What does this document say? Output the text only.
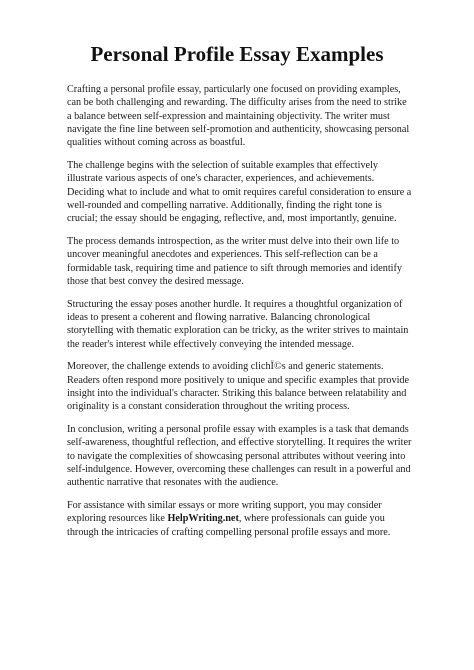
Personal Profile Essay Examples

Crafting a personal profile essay, particularly one focused on providing examples, can be both challenging and rewarding. The difficulty arises from the need to strike a balance between self-expression and maintaining objectivity. The writer must navigate the fine line between self-promotion and authenticity, showcasing personal qualities without coming across as boastful.

The challenge begins with the selection of suitable examples that effectively illustrate various aspects of one's character, experiences, and achievements. Deciding what to include and what to omit requires careful consideration to ensure a well-rounded and compelling narrative. Additionally, finding the right tone is crucial; the essay should be engaging, reflective, and, most importantly, genuine.

The process demands introspection, as the writer must delve into their own life to uncover meaningful anecdotes and experiences. This self-reflection can be a formidable task, requiring time and patience to sift through memories and identify those that best convey the desired message.

Structuring the essay poses another hurdle. It requires a thoughtful organization of ideas to present a coherent and flowing narrative. Balancing chronological storytelling with thematic exploration can be tricky, as the writer strives to maintain the reader's interest while effectively conveying the intended message.

Moreover, the challenge extends to avoiding clichÏ©s and generic statements. Readers often respond more positively to unique and specific examples that provide insight into the individual's character. Striking this balance between relatability and originality is a constant consideration throughout the writing process.

In conclusion, writing a personal profile essay with examples is a task that demands self-awareness, thoughtful reflection, and effective storytelling. It requires the writer to navigate the complexities of showcasing personal attributes without veering into self-indulgence. However, overcoming these challenges can result in a powerful and authentic narrative that resonates with the audience.

For assistance with similar essays or more writing support, you may consider exploring resources like HelpWriting.net, where professionals can guide you through the intricacies of crafting compelling personal profile essays and more.
